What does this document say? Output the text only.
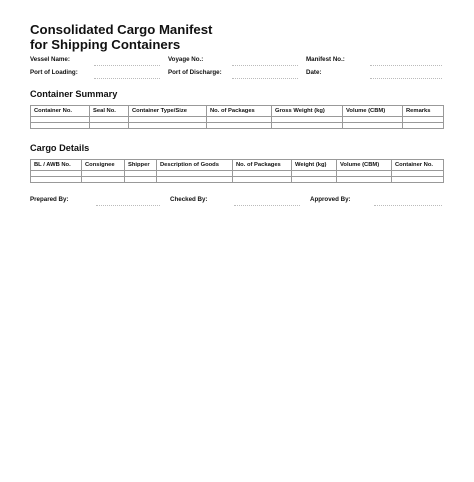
Consolidated Cargo Manifest
for Shipping Containers
Vessel Name:	Voyage No.:	Manifest No.:
Port of Loading:	Port of Discharge:	Date:
Container Summary
Container No.	Seal No.	Container Type/Size	No. of Packages	Gross Weight (kg)	Volume (CBM)	Remarks

Cargo Details
BL / AWB No.	Consignee	Shipper	Description of Goods	No. of Packages	Weight (kg)	Volume (CBM)	Container No.

Prepared By:	Checked By:	Approved By:
